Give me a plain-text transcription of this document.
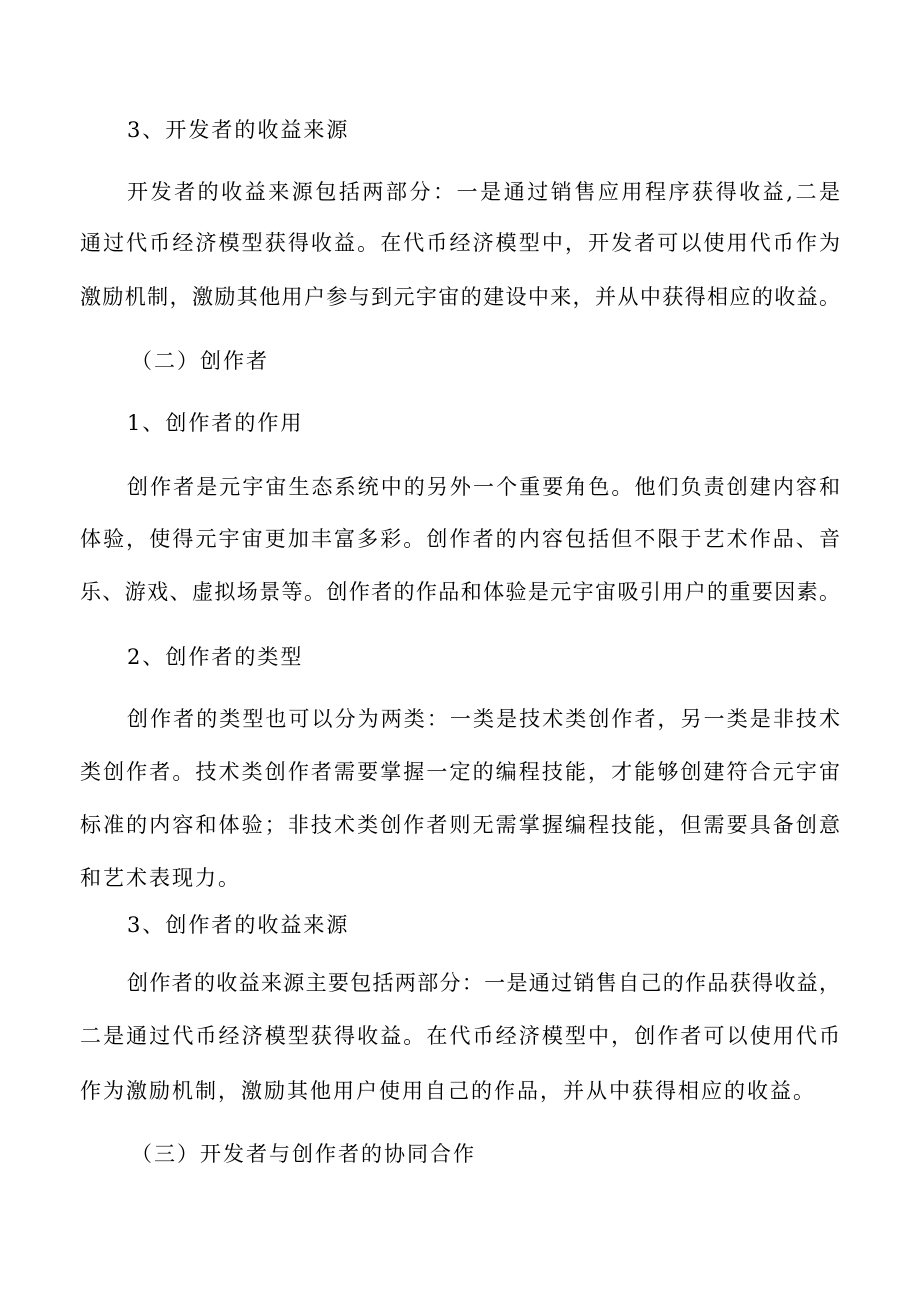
3、开发者的收益来源
开发者的收益来源包括两部分：一是通过销售应用程序获得收益,二是
通过代币经济模型获得收益。在代币经济模型中，开发者可以使用代币作为
激励机制，激励其他用户参与到元宇宙的建设中来，并从中获得相应的收益。
（二）创作者
1、创作者的作用
创作者是元宇宙生态系统中的另外一个重要角色。他们负责创建内容和
体验，使得元宇宙更加丰富多彩。创作者的内容包括但不限于艺术作品、音
乐、游戏、虚拟场景等。创作者的作品和体验是元宇宙吸引用户的重要因素。
2、创作者的类型
创作者的类型也可以分为两类：一类是技术类创作者，另一类是非技术
类创作者。技术类创作者需要掌握一定的编程技能，才能够创建符合元宇宙
标准的内容和体验；非技术类创作者则无需掌握编程技能，但需要具备创意
和艺术表现力。
3、创作者的收益来源
创作者的收益来源主要包括两部分：一是通过销售自己的作品获得收益，
二是通过代币经济模型获得收益。在代币经济模型中，创作者可以使用代币
作为激励机制，激励其他用户使用自己的作品，并从中获得相应的收益。
（三）开发者与创作者的协同合作
